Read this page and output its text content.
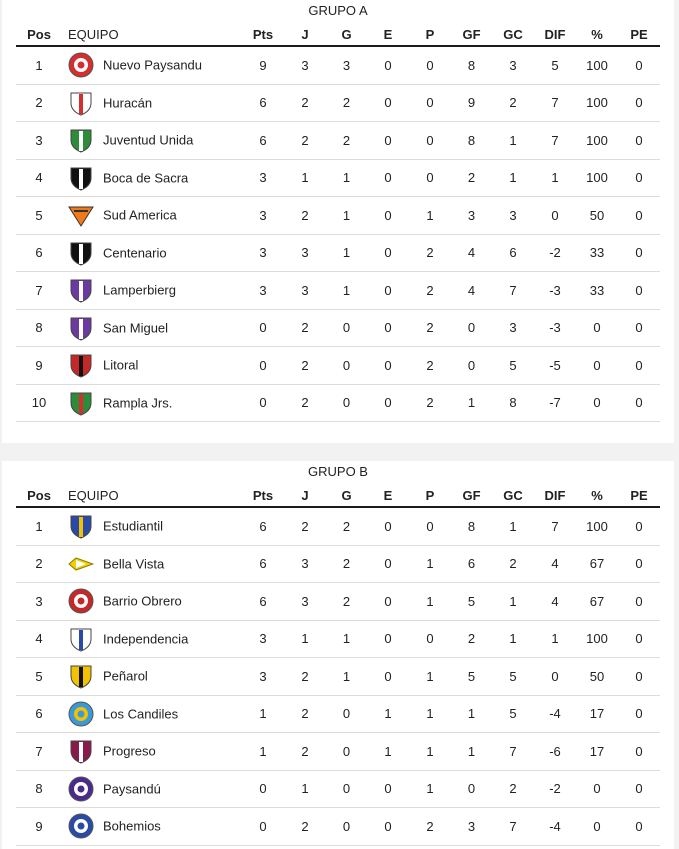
GRUPO A
Pos	EQUIPO	Pts	J	G	E	P	GF	GC	DIF	%	PE
1	Nuevo Paysandu	9	3	3	0	0	8	3	5	100	0
2	Huracán	6	2	2	0	0	9	2	7	100	0
3	Juventud Unida	6	2	2	0	0	8	1	7	100	0
4	Boca de Sacra	3	1	1	0	0	2	1	1	100	0
5	Sud America	3	2	1	0	1	3	3	0	50	0
6	Centenario	3	3	1	0	2	4	6	-2	33	0
7	Lamperbierg	3	3	1	0	2	4	7	-3	33	0
8	San Miguel	0	2	0	0	2	0	3	-3	0	0
9	Litoral	0	2	0	0	2	0	5	-5	0	0
10	Rampla Jrs.	0	2	0	0	2	1	8	-7	0	0
GRUPO B
Pos	EQUIPO	Pts	J	G	E	P	GF	GC	DIF	%	PE
1	Estudiantil	6	2	2	0	0	8	1	7	100	0
2	Bella Vista	6	3	2	0	1	6	2	4	67	0
3	Barrio Obrero	6	3	2	0	1	5	1	4	67	0
4	Independencia	3	1	1	0	0	2	1	1	100	0
5	Peñarol	3	2	1	0	1	5	5	0	50	0
6	Los Candiles	1	2	0	1	1	1	5	-4	17	0
7	Progreso	1	2	0	1	1	1	7	-6	17	0
8	Paysandú	0	1	0	0	1	0	2	-2	0	0
9	Bohemios	0	2	0	0	2	3	7	-4	0	0
